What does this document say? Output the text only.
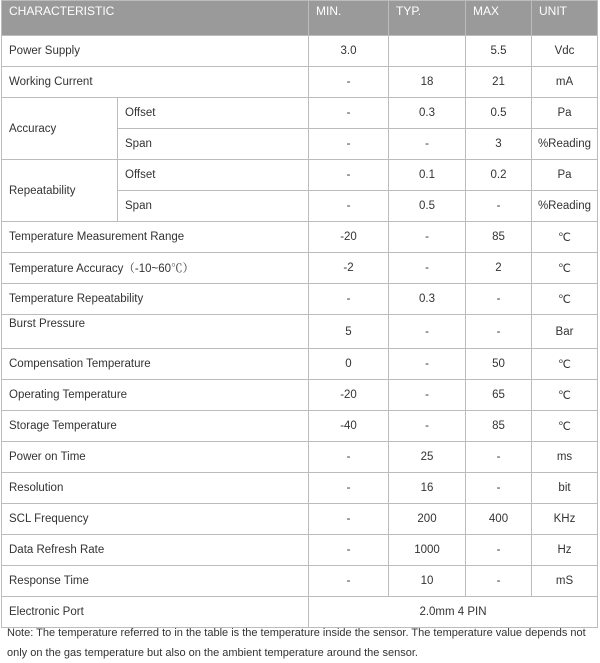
CHARACTERISTIC		MIN.	TYP.	MAX	UNIT
Power Supply		3.0		5.5	Vdc
Working Current		-	18	21	mA
Accuracy	Offset	-	0.3	0.5	Pa
	Span	-	-	3	%Reading
Repeatability	Offset	-	0.1	0.2	Pa
	Span	-	0.5	-	%Reading
Temperature Measurement Range		-20	-	85	℃
Temperature Accuracy（-10~60℃）		-2	-	2	℃
Temperature Repeatability		-	0.3	-	℃
Burst Pressure		5	-	-	Bar
Compensation Temperature		0	-	50	℃
Operating Temperature		-20	-	65	℃
Storage Temperature		-40	-	85	℃
Power on Time		-	25	-	ms
Resolution		-	16	-	bit
SCL Frequency		-	200	400	KHz
Data Refresh Rate		-	1000	-	Hz
Response Time		-	10	-	mS
Electronic Port		2.0mm 4 PIN			
Note: The temperature referred to in the table is the temperature inside the sensor. The temperature value depends not only on the gas temperature but also on the ambient temperature around the sensor.
